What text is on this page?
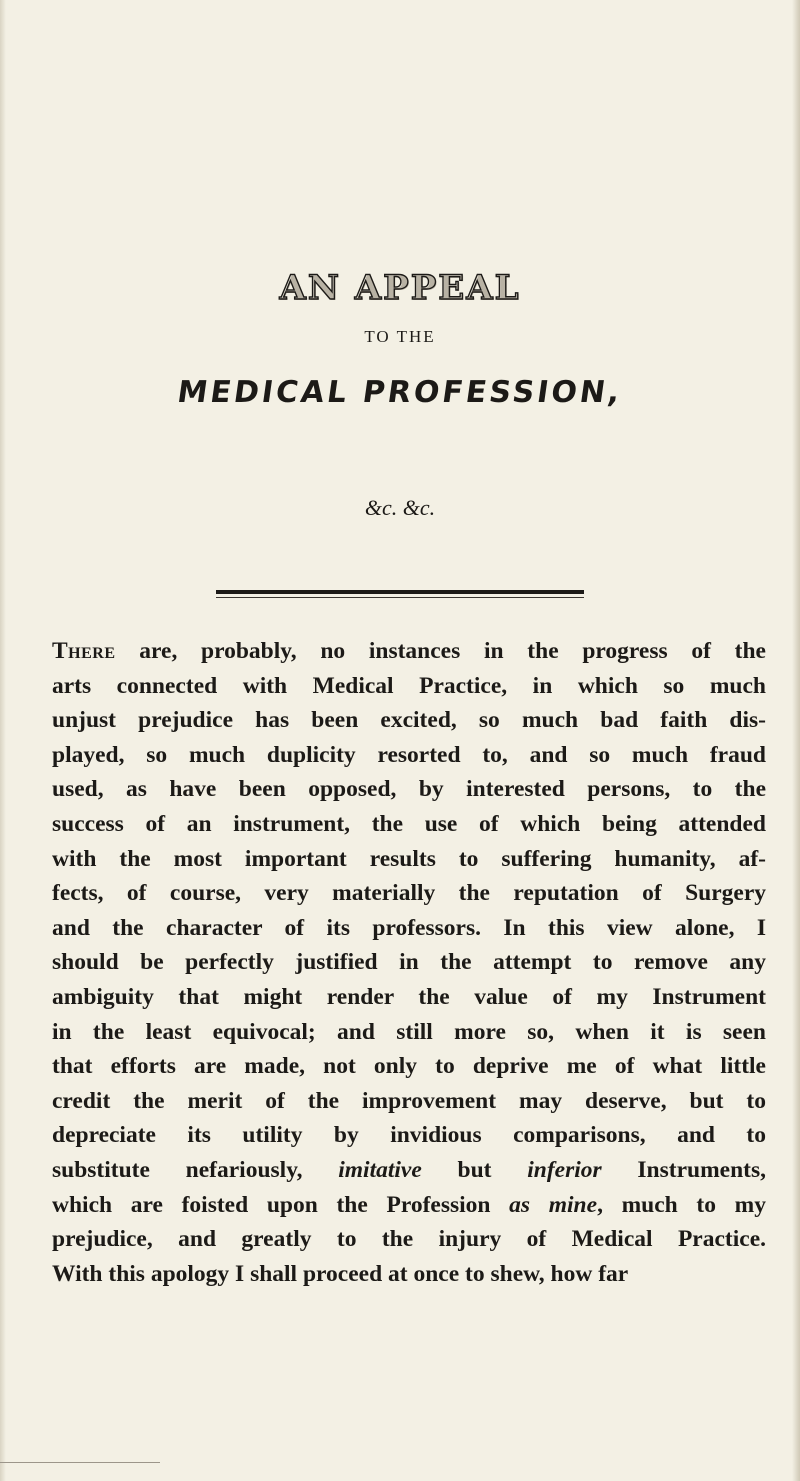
AN APPEAL
TO THE
MEDICAL PROFESSION,
&c. &c.
There are, probably, no instances in the progress of the
arts connected with Medical Practice, in which so much
unjust prejudice has been excited, so much bad faith dis-
played, so much duplicity resorted to, and so much fraud
used, as have been opposed, by interested persons, to the
success of an instrument, the use of which being attended
with the most important results to suffering humanity, af-
fects, of course, very materially the reputation of Surgery
and the character of its professors. In this view alone, I
should be perfectly justified in the attempt to remove any
ambiguity that might render the value of my Instrument
in the least equivocal; and still more so, when it is seen
that efforts are made, not only to deprive me of what little
credit the merit of the improvement may deserve, but to
depreciate its utility by invidious comparisons, and to
substitute nefariously, imitative but inferior Instruments,
which are foisted upon the Profession as mine, much to my
prejudice, and greatly to the injury of Medical Practice.
With this apology I shall proceed at once to shew, how far
